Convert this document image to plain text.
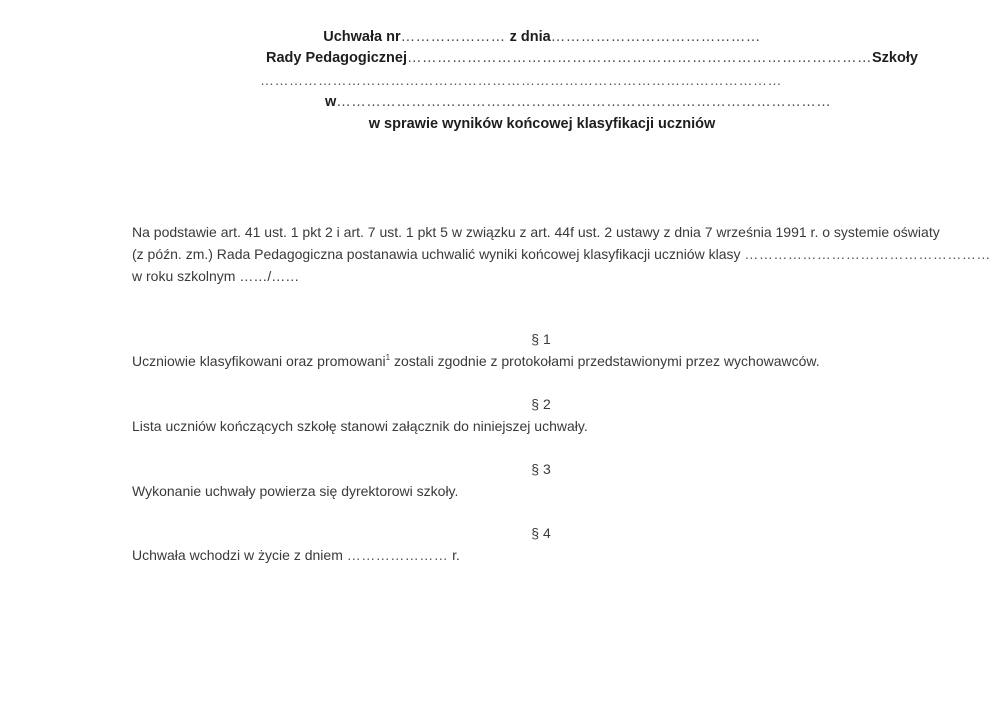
Uchwała nr………………… z dnia……………………………………
Rady Pedagogicznej…………………………………………………………………………………Szkoły
………………………………………………………………………………………………
w………………………………………………………………………………………
w sprawie wyników końcowej klasyfikacji uczniów
Na podstawie art. 41 ust. 1 pkt 2 i art. 7 ust. 1 pkt 5 w związku z art. 44f ust. 2 ustawy z dnia 7 września 1991 r. o systemie oświaty
(z późn. zm.) Rada Pedagogiczna postanawia uchwalić wyniki końcowej klasyfikacji uczniów klasy ……………………………………………
w roku szkolnym ……/……
§ 1
Uczniowie klasyfikowani oraz promowani$^1$ zostali zgodnie z protokołami przedstawionymi przez wychowawców.
§ 2
Lista uczniów kończących szkołę stanowi załącznik do niniejszej uchwały.
§ 3
Wykonanie uchwały powierza się dyrektorowi szkoły.
§ 4
Uchwała wchodzi w życie z dniem ………………… r.
